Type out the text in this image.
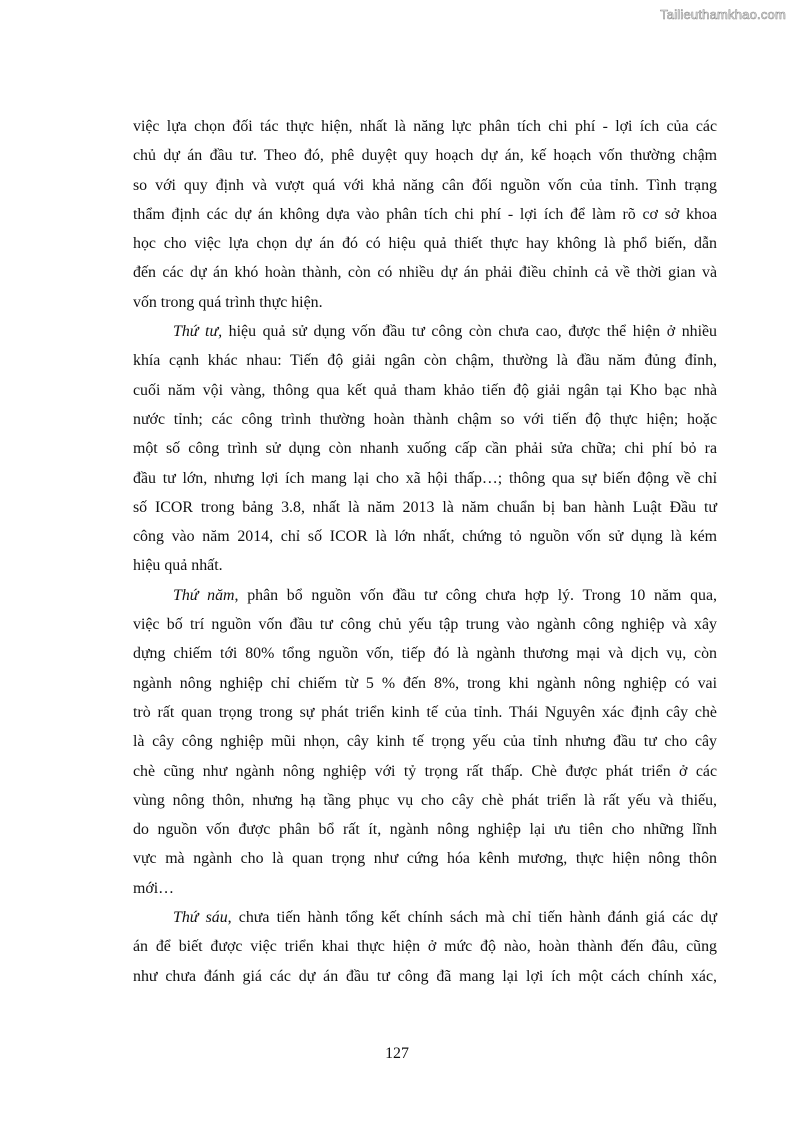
Tailieuthamkhao.com
việc lựa chọn đối tác thực hiện, nhất là năng lực phân tích chi phí - lợi ích của các
chủ dự án đầu tư. Theo đó, phê duyệt quy hoạch dự án, kế hoạch vốn thường chậm
so với quy định và vượt quá với khả năng cân đối nguồn vốn của tỉnh. Tình trạng
thẩm định các dự án không dựa vào phân tích chi phí - lợi ích để làm rõ cơ sở khoa
học cho việc lựa chọn dự án đó có hiệu quả thiết thực hay không là phổ biến, dẫn
đến các dự án khó hoàn thành, còn có nhiều dự án phải điều chỉnh cả về thời gian và
vốn trong quá trình thực hiện.
Thứ tư, hiệu quả sử dụng vốn đầu tư công còn chưa cao, được thể hiện ở nhiều
khía cạnh khác nhau: Tiến độ giải ngân còn chậm, thường là đầu năm đủng đỉnh,
cuối năm vội vàng, thông qua kết quả tham khảo tiến độ giải ngân tại Kho bạc nhà
nước tỉnh; các công trình thường hoàn thành chậm so với tiến độ thực hiện; hoặc
một số công trình sử dụng còn nhanh xuống cấp cần phải sửa chữa; chi phí bỏ ra
đầu tư lớn, nhưng lợi ích mang lại cho xã hội thấp…; thông qua sự biến động về chỉ
số ICOR trong bảng 3.8, nhất là năm 2013 là năm chuẩn bị ban hành Luật Đầu tư
công vào năm 2014, chỉ số ICOR là lớn nhất, chứng tỏ nguồn vốn sử dụng là kém
hiệu quả nhất.
Thứ năm, phân bổ nguồn vốn đầu tư công chưa hợp lý. Trong 10 năm qua,
việc bố trí nguồn vốn đầu tư công chủ yếu tập trung vào ngành công nghiệp và xây
dựng chiếm tới 80% tổng nguồn vốn, tiếp đó là ngành thương mại và dịch vụ, còn
ngành nông nghiệp chỉ chiếm từ 5 % đến 8%, trong khi ngành nông nghiệp có vai
trò rất quan trọng trong sự phát triển kinh tế của tỉnh. Thái Nguyên xác định cây chè
là cây công nghiệp mũi nhọn, cây kinh tế trọng yếu của tỉnh nhưng đầu tư cho cây
chè cũng như ngành nông nghiệp với tỷ trọng rất thấp. Chè được phát triển ở các
vùng nông thôn, nhưng hạ tầng phục vụ cho cây chè phát triển là rất yếu và thiếu,
do nguồn vốn được phân bổ rất ít, ngành nông nghiệp lại ưu tiên cho những lĩnh
vực mà ngành cho là quan trọng như cứng hóa kênh mương, thực hiện nông thôn
mới…
Thứ sáu, chưa tiến hành tổng kết chính sách mà chỉ tiến hành đánh giá các dự
án để biết được việc triển khai thực hiện ở mức độ nào, hoàn thành đến đâu, cũng
như chưa đánh giá các dự án đầu tư công đã mang lại lợi ích một cách chính xác,
127
